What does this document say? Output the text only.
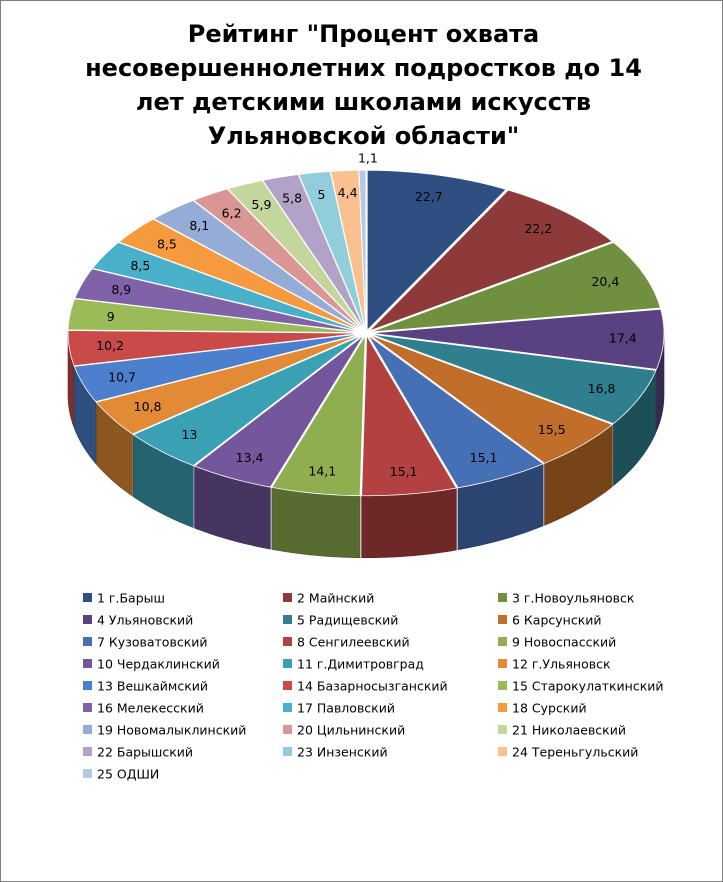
Рейтинг "Процент охвата несовершеннолетних подростков до 14 лет детскими школами искусств Ульяновской области"
22,7
22,2
20,4
17,4
16,8
15,5
15,1
15,1
14,1
13,4
13
10,8
10,7
10,2
9
8,9
8,5
8,5
8,1
6,2
5,9 5,8 5 4,4
1,1
1 г.Барыш	2 Майнский	3 г.Новоульяновск
4 Ульяновский	5 Радищевский	6 Карсунский
7 Кузоватовский	8 Сенгилеевский	9 Новоспасский
10 Чердаклинский	11 г.Димитровград	12 г.Ульяновск
13 Вешкаймский	14 Базарносызганский	15 Старокулаткинский
16 Мелекесский	17 Павловский	18 Сурский
19 Новомалыклинский	20 Цильнинский	21 Николаевский
22 Барышский	23 Инзенский	24 Тереньгульский
25 ОДШИ
